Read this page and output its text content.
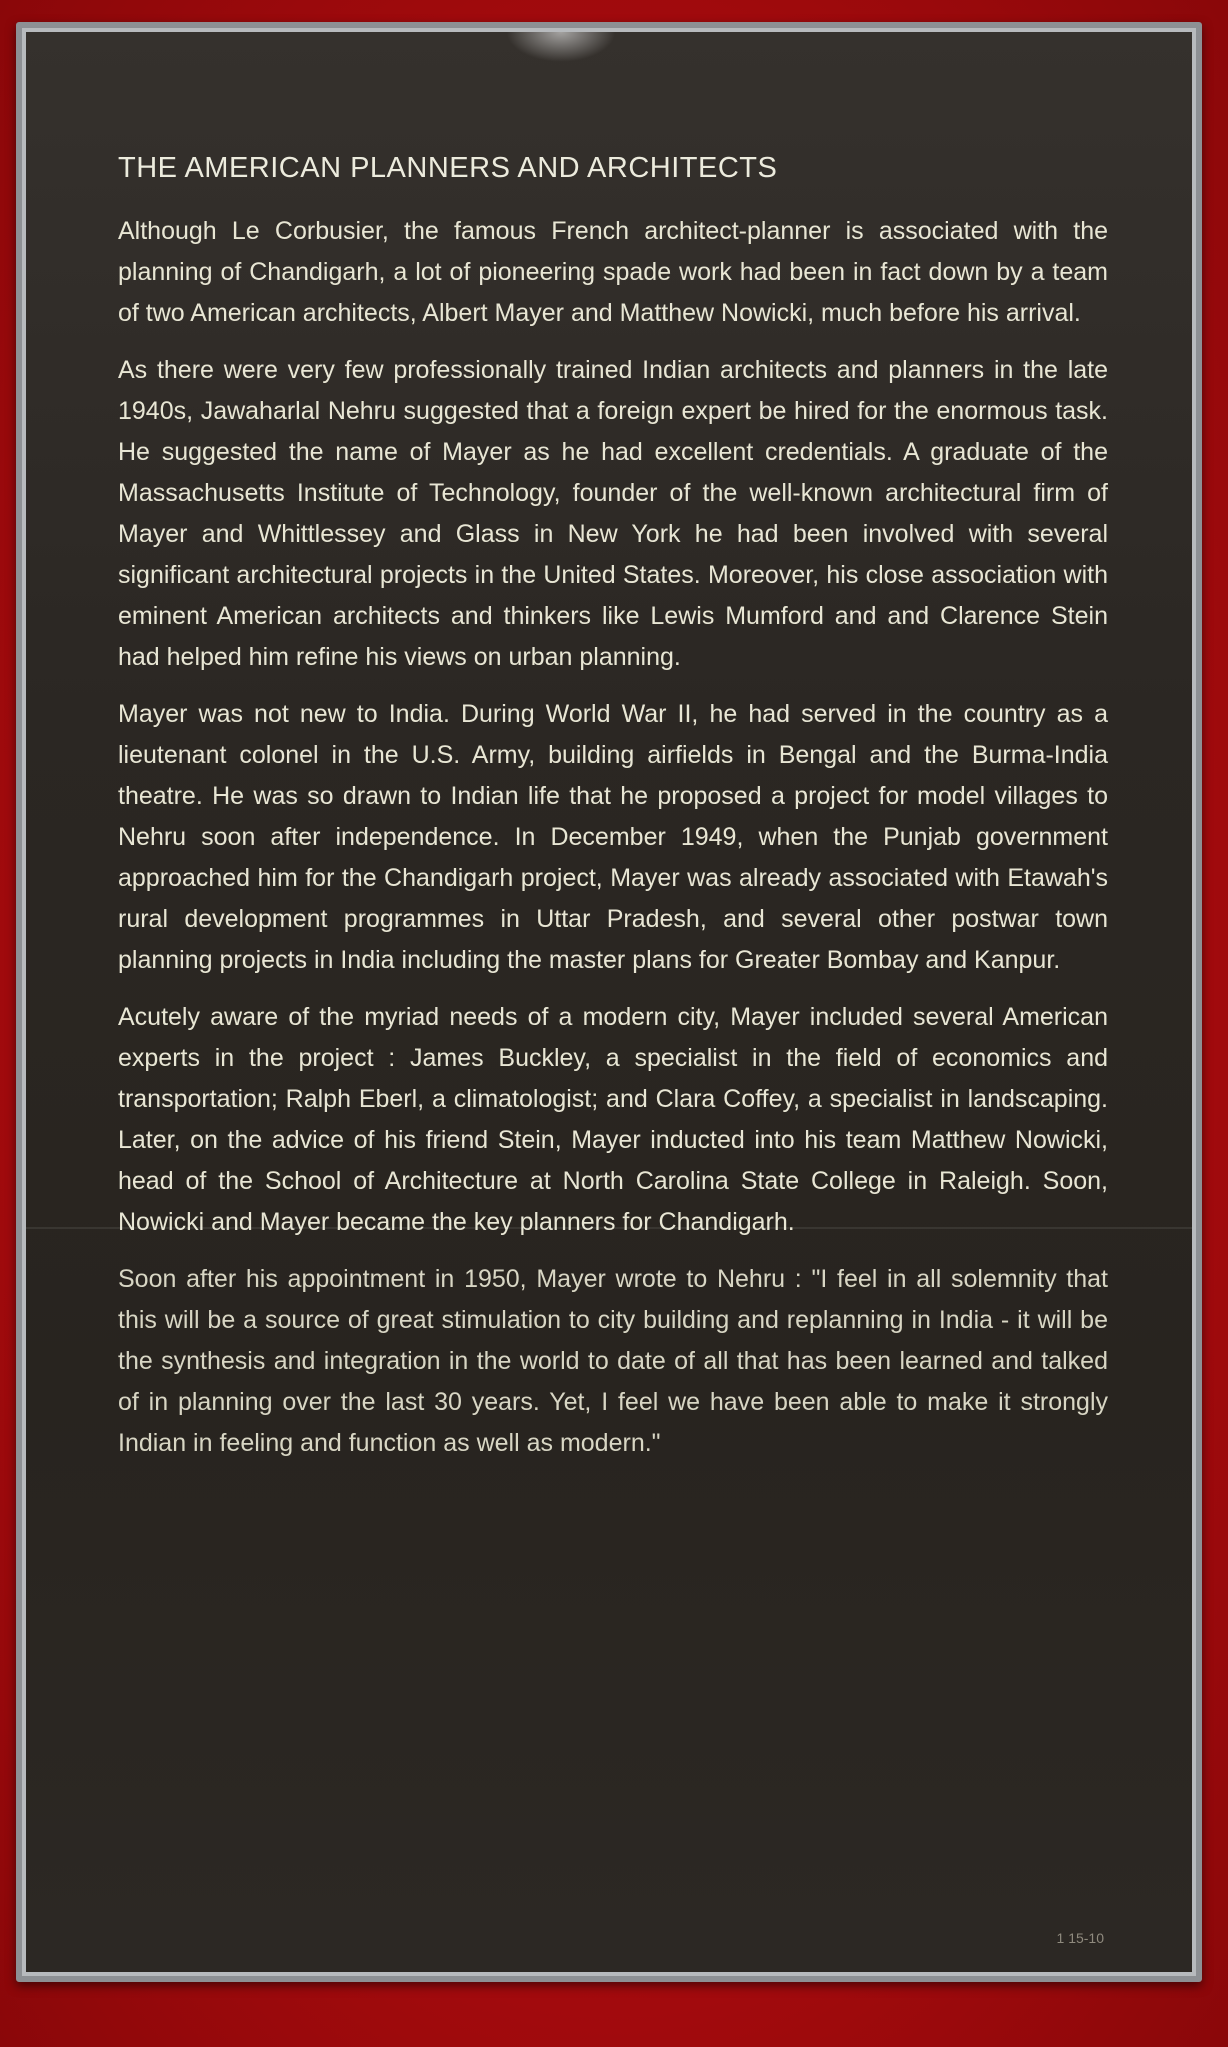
THE AMERICAN PLANNERS AND ARCHITECTS

Although Le Corbusier, the famous French architect-planner is associated with the planning of Chandigarh, a lot of pioneering spade work had been in fact down by a team of two American architects, Albert Mayer and Matthew Nowicki, much before his arrival.

As there were very few professionally trained Indian architects and planners in the late 1940s, Jawaharlal Nehru suggested that a foreign expert be hired for the enormous task. He suggested the name of Mayer as he had excellent credentials. A graduate of the Massachusetts Institute of Technology, founder of the well-known architectural firm of Mayer and Whittlessey and Glass in New York he had been involved with several significant architectural projects in the United States. Moreover, his close association with eminent American architects and thinkers like Lewis Mumford and and Clarence Stein had helped him refine his views on urban planning.

Mayer was not new to India. During World War II, he had served in the country as a lieutenant colonel in the U.S. Army, building airfields in Bengal and the Burma-India theatre. He was so drawn to Indian life that he proposed a project for model villages to Nehru soon after independence. In December 1949, when the Punjab government approached him for the Chandigarh project, Mayer was already associated with Etawah's rural development programmes in Uttar Pradesh, and several other postwar town planning projects in India including the master plans for Greater Bombay and Kanpur.

Acutely aware of the myriad needs of a modern city, Mayer included several American experts in the project : James Buckley, a specialist in the field of economics and transportation; Ralph Eberl, a climatologist; and Clara Coffey, a specialist in landscaping. Later, on the advice of his friend Stein, Mayer inducted into his team Matthew Nowicki, head of the School of Architecture at North Carolina State College in Raleigh. Soon, Nowicki and Mayer became the key planners for Chandigarh.

Soon after his appointment in 1950, Mayer wrote to Nehru : "I feel in all solemnity that this will be a source of great stimulation to city building and replanning in India - it will be the synthesis and integration in the world to date of all that has been learned and talked of in planning over the last 30 years. Yet, I feel we have been able to make it strongly Indian in feeling and function as well as modern."

1 15-10
